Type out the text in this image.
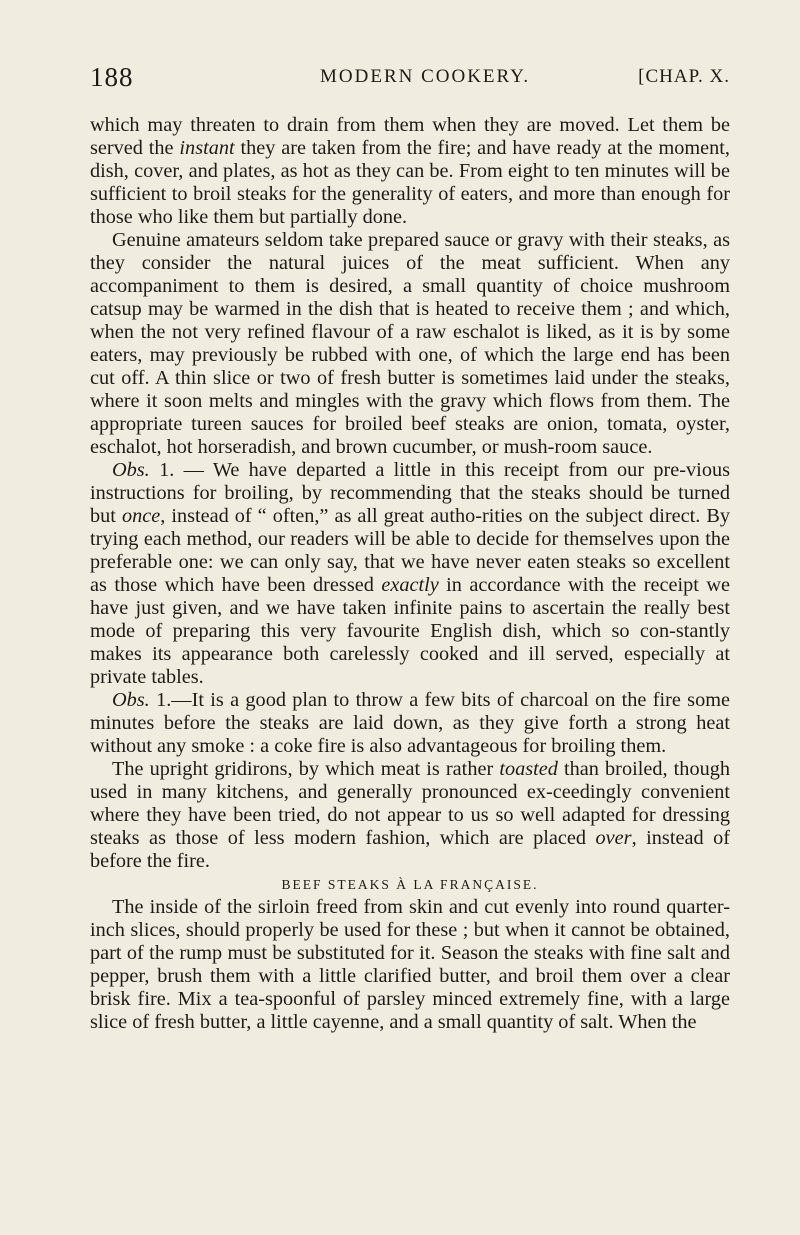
188	MODERN COOKERY.	[CHAP. X.

which may threaten to drain from them when they are moved. Let them be served the instant they are taken from the fire; and have ready at the moment, dish, cover, and plates, as hot as they can be. From eight to ten minutes will be sufficient to broil steaks for the generality of eaters, and more than enough for those who like them but partially done.

Genuine amateurs seldom take prepared sauce or gravy with their steaks, as they consider the natural juices of the meat sufficient. When any accompaniment to them is desired, a small quantity of choice mushroom catsup may be warmed in the dish that is heated to receive them ; and which, when the not very refined flavour of a raw eschalot is liked, as it is by some eaters, may previously be rubbed with one, of which the large end has been cut off. A thin slice or two of fresh butter is sometimes laid under the steaks, where it soon melts and mingles with the gravy which flows from them. The appropriate tureen sauces for broiled beef steaks are onion, tomata, oyster, eschalot, hot horseradish, and brown cucumber, or mush-room sauce.

Obs. 1. — We have departed a little in this receipt from our pre-vious instructions for broiling, by recommending that the steaks should be turned but once, instead of “ often,” as all great autho-rities on the subject direct. By trying each method, our readers will be able to decide for themselves upon the preferable one: we can only say, that we have never eaten steaks so excellent as those which have been dressed exactly in accordance with the receipt we have just given, and we have taken infinite pains to ascertain the really best mode of preparing this very favourite English dish, which so con-stantly makes its appearance both carelessly cooked and ill served, especially at private tables.

Obs. 1.—It is a good plan to throw a few bits of charcoal on the fire some minutes before the steaks are laid down, as they give forth a strong heat without any smoke : a coke fire is also advantageous for broiling them.

The upright gridirons, by which meat is rather toasted than broiled, though used in many kitchens, and generally pronounced ex-ceedingly convenient where they have been tried, do not appear to us so well adapted for dressing steaks as those of less modern fashion, which are placed over, instead of before the fire.

BEEF STEAKS À LA FRANÇAISE.

The inside of the sirloin freed from skin and cut evenly into round quarter-inch slices, should properly be used for these ; but when it cannot be obtained, part of the rump must be substituted for it. Season the steaks with fine salt and pepper, brush them with a little clarified butter, and broil them over a clear brisk fire. Mix a tea-spoonful of parsley minced extremely fine, with a large slice of fresh butter, a little cayenne, and a small quantity of salt. When the
